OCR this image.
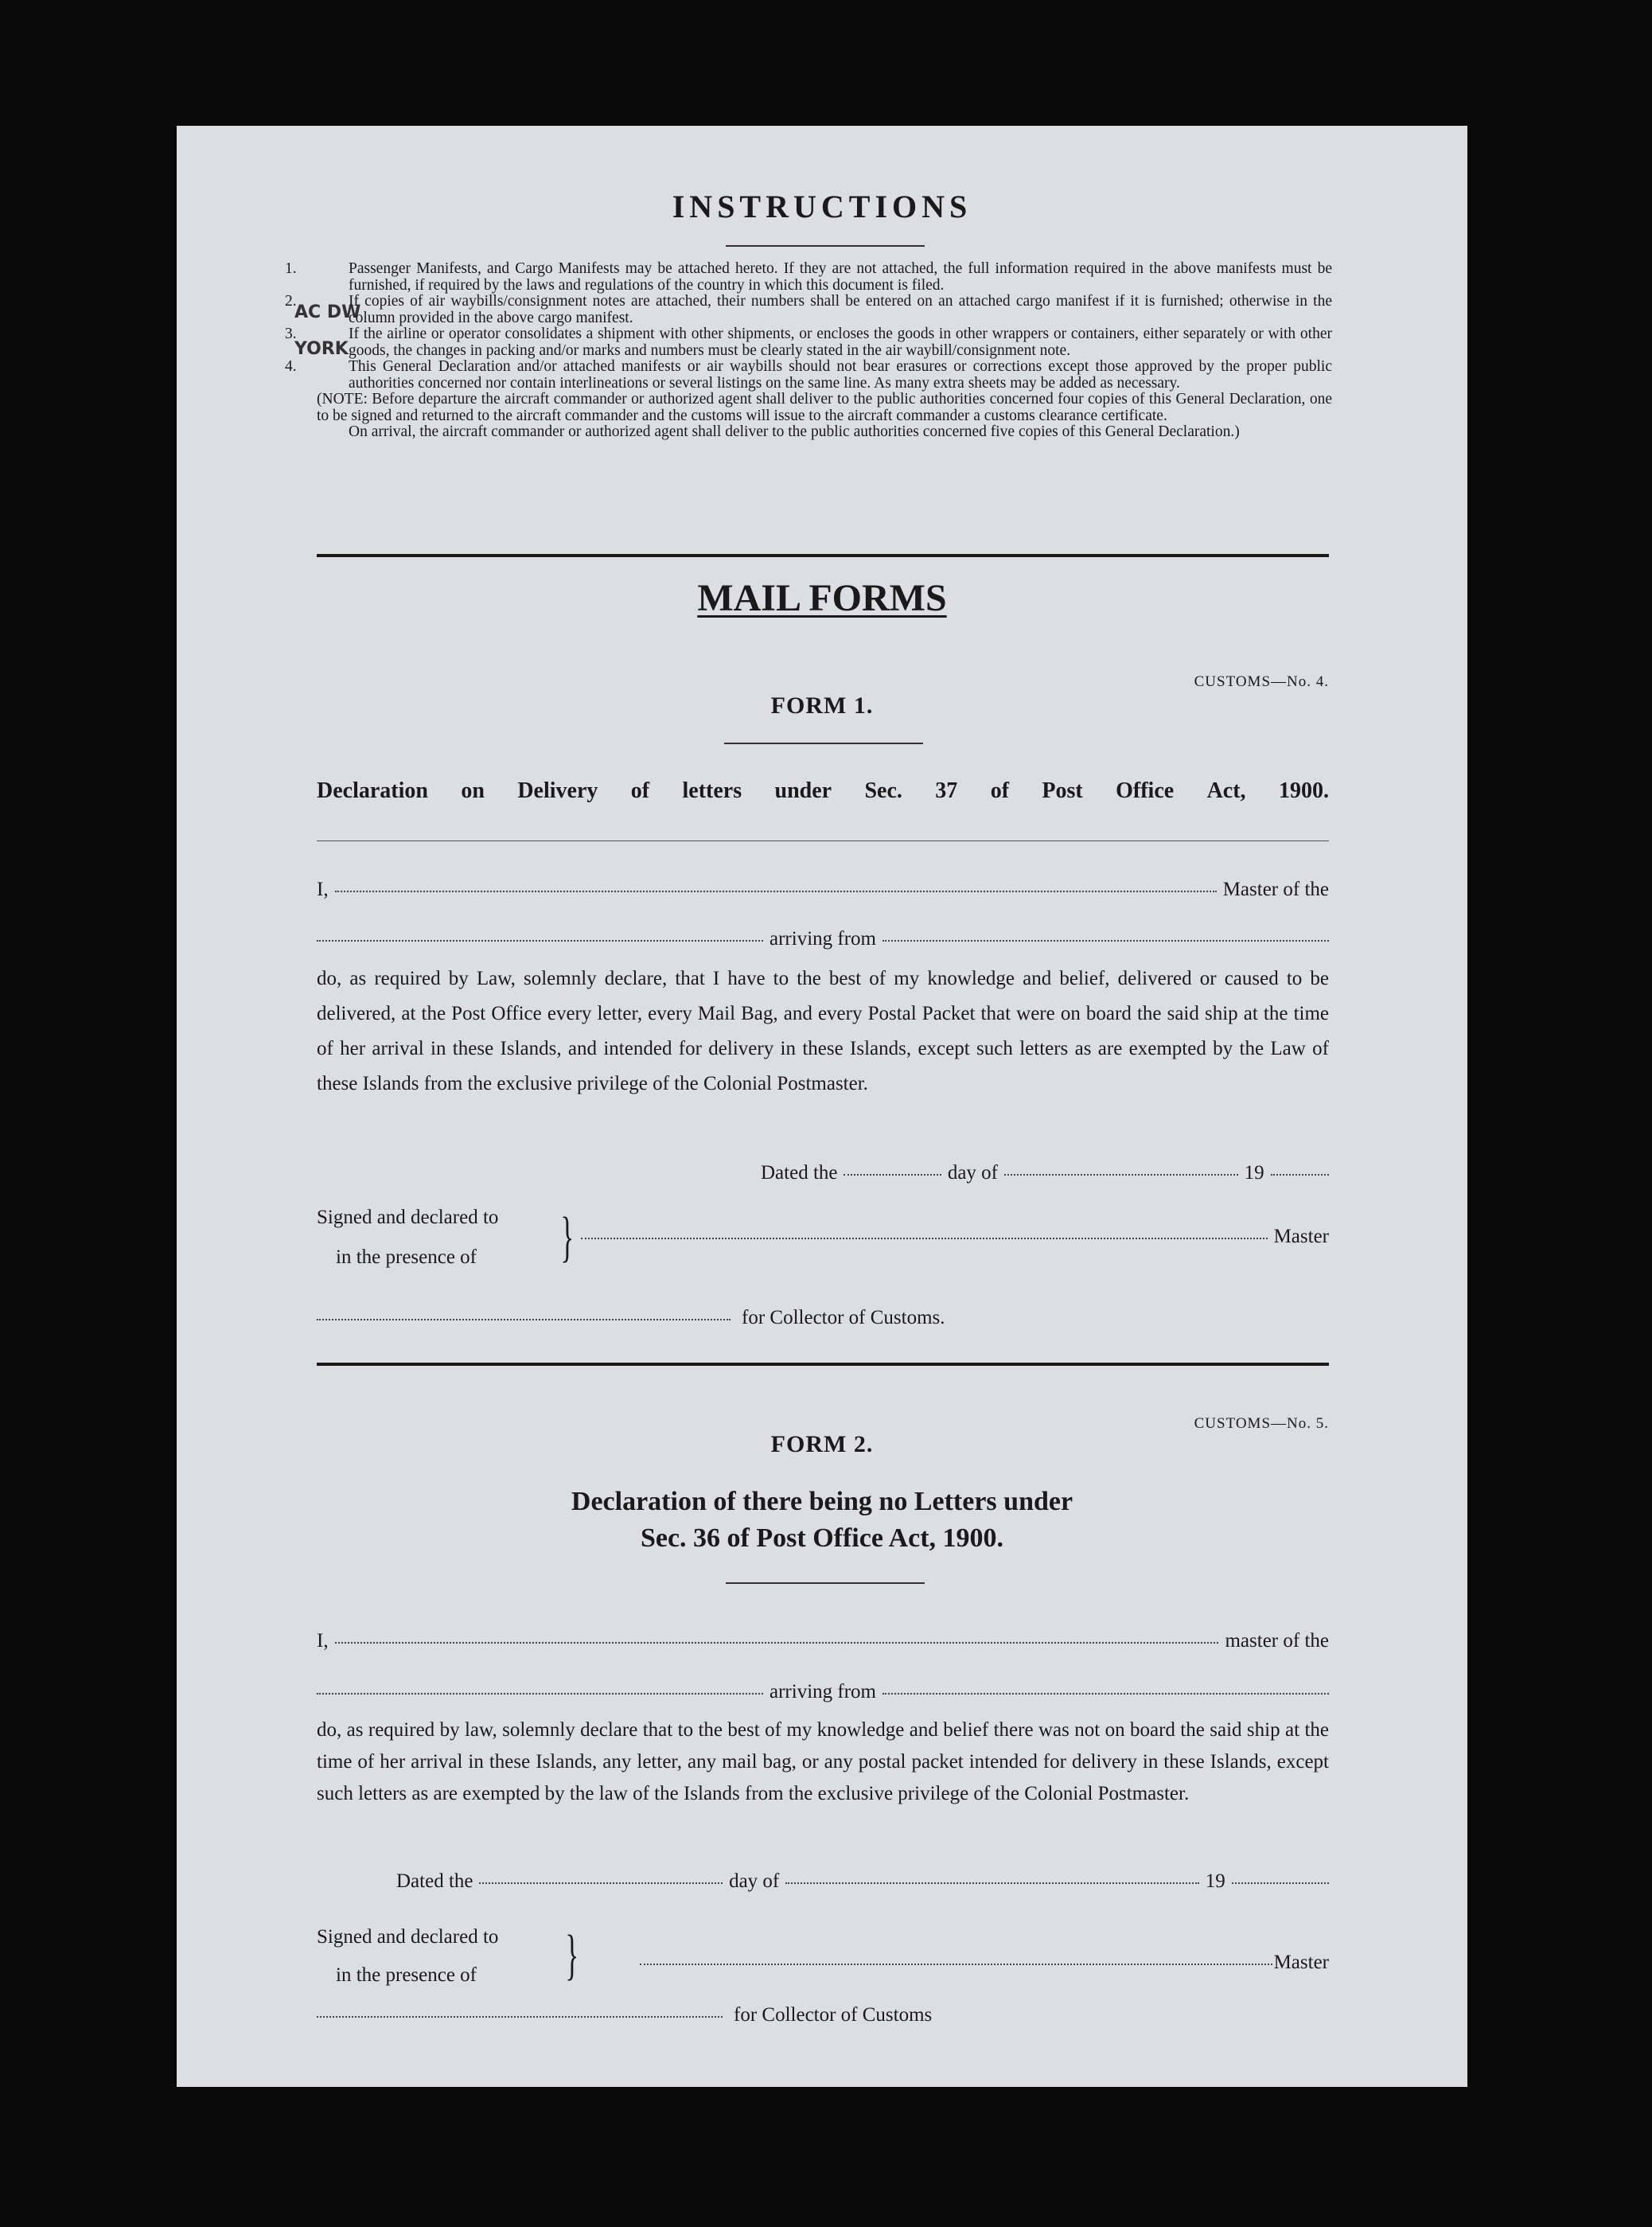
AC DW
YORK
INSTRUCTIONS

1.	Passenger Manifests, and Cargo Manifests may be attached hereto. If they are not attached, the full information required in the above manifests must be furnished, if required by the laws and regulations of the country in which this document is filed.

2.	If copies of air waybills/consignment notes are attached, their numbers shall be entered on an attached cargo manifest if it is furnished; otherwise in the column provided in the above cargo manifest.

3.	If the airline or operator consolidates a shipment with other shipments, or encloses the goods in other wrappers or containers, either separately or with other goods, the changes in packing and/or marks and numbers must be clearly stated in the air waybill/consignment note.

4.	This General Declaration and/or attached manifests or air waybills should not bear erasures or corrections except those approved by the proper public authorities concerned nor contain interlineations or several listings on the same line. As many extra sheets may be added as necessary.

(NOTE: Before departure the aircraft commander or authorized agent shall deliver to the public authorities concerned four copies of this General Declaration, one to be signed and returned to the aircraft commander and the customs will issue to the aircraft commander a customs clearance certificate.

On arrival, the aircraft commander or authorized agent shall deliver to the public authorities concerned five copies of this General Declaration.)

MAIL FORMS
CUSTOMS—No. 4.
FORM 1.
Declaration on Delivery of letters under Sec. 37 of Post Office Act, 1900.
I,	Master of the
arriving from

do, as required by Law, solemnly declare, that I have to the best of my knowledge and belief, delivered or caused to be delivered, at the Post Office every letter, every Mail Bag, and every Postal Packet that were on board the said ship at the time of her arrival in these Islands, and intended for delivery in these Islands, except such letters as are exempted by the Law of these Islands from the exclusive privilege of the Colonial Postmaster.

Dated the	day of	19
Signed and declared to
in the presence of }	Master
for Collector of Customs.
CUSTOMS—No. 5.
FORM 2.
Declaration of there being no Letters under
Sec. 36 of Post Office Act, 1900.
I,	master of the
arriving from

do, as required by law, solemnly declare that to the best of my knowledge and belief there was not on board the said ship at the time of her arrival in these Islands, any letter, any mail bag, or any postal packet intended for delivery in these Islands, except such letters as are exempted by the law of the Islands from the exclusive privilege of the Colonial Postmaster.

Dated the	day of	19
Signed and declared to
in the presence of }	Master
for Collector of Customs
